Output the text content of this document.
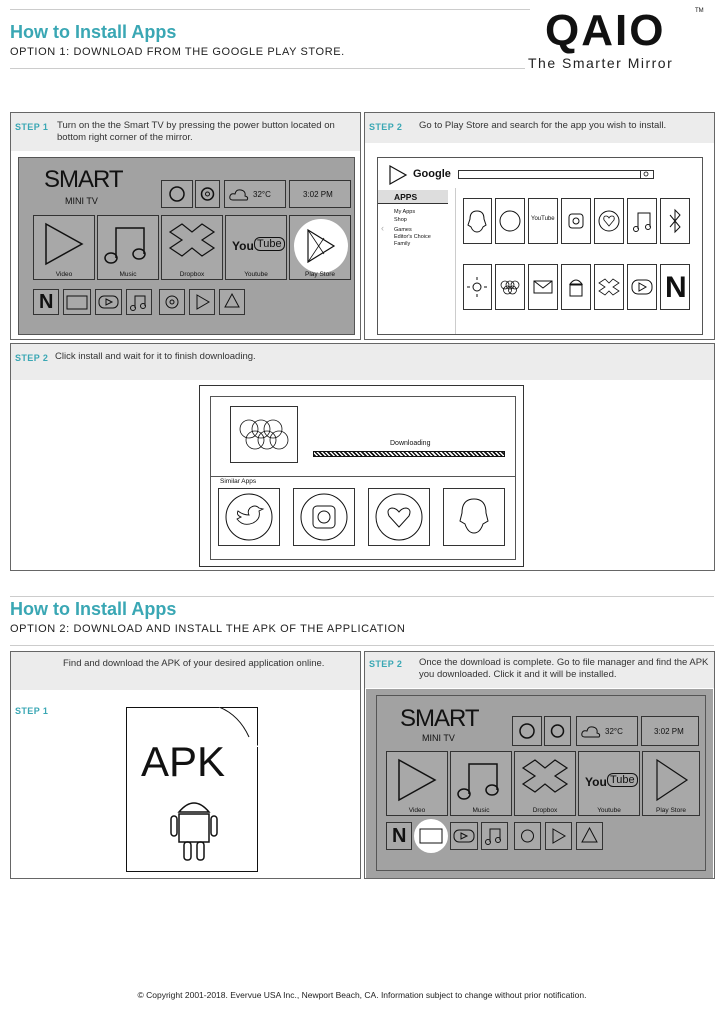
How to Install Apps
OPTION 1: DOWNLOAD FROM THE GOOGLE PLAY STORE.	QAIO	TM
The Smarter Mirror
STEP 1 Turn on the the Smart TV by pressing the power button located on bottom right corner of the mirror.
SMART
MINI TV
32°C	3:02 PM
Video	Music	Dropbox
You Tube
Youtube	Play Store
N
STEP 2 Go to Play Store and search for the app you wish to install.
Google
APPS
My Apps
Shop
Games
Editor's Choice
Family
‹
YouTube
N
STEP 2 Click install and wait for it to finish downloading.
Downloading
Similar Apps
How to Install Apps
OPTION 2: DOWNLOAD AND INSTALL THE APK OF THE APPLICATION
Find and download the APK of your desired application online.
STEP 1
APK
STEP 2 Once the download is complete. Go to file manager and find the APK you downloaded. Click it and it will be installed.
SMART
MINI TV
32°C	3:02 PM
Video	Music	Dropbox
You Tube
Youtube	Play Store
N
© Copyright 2001-2018. Evervue USA Inc., Newport Beach, CA. Information subject to change without prior notification.
